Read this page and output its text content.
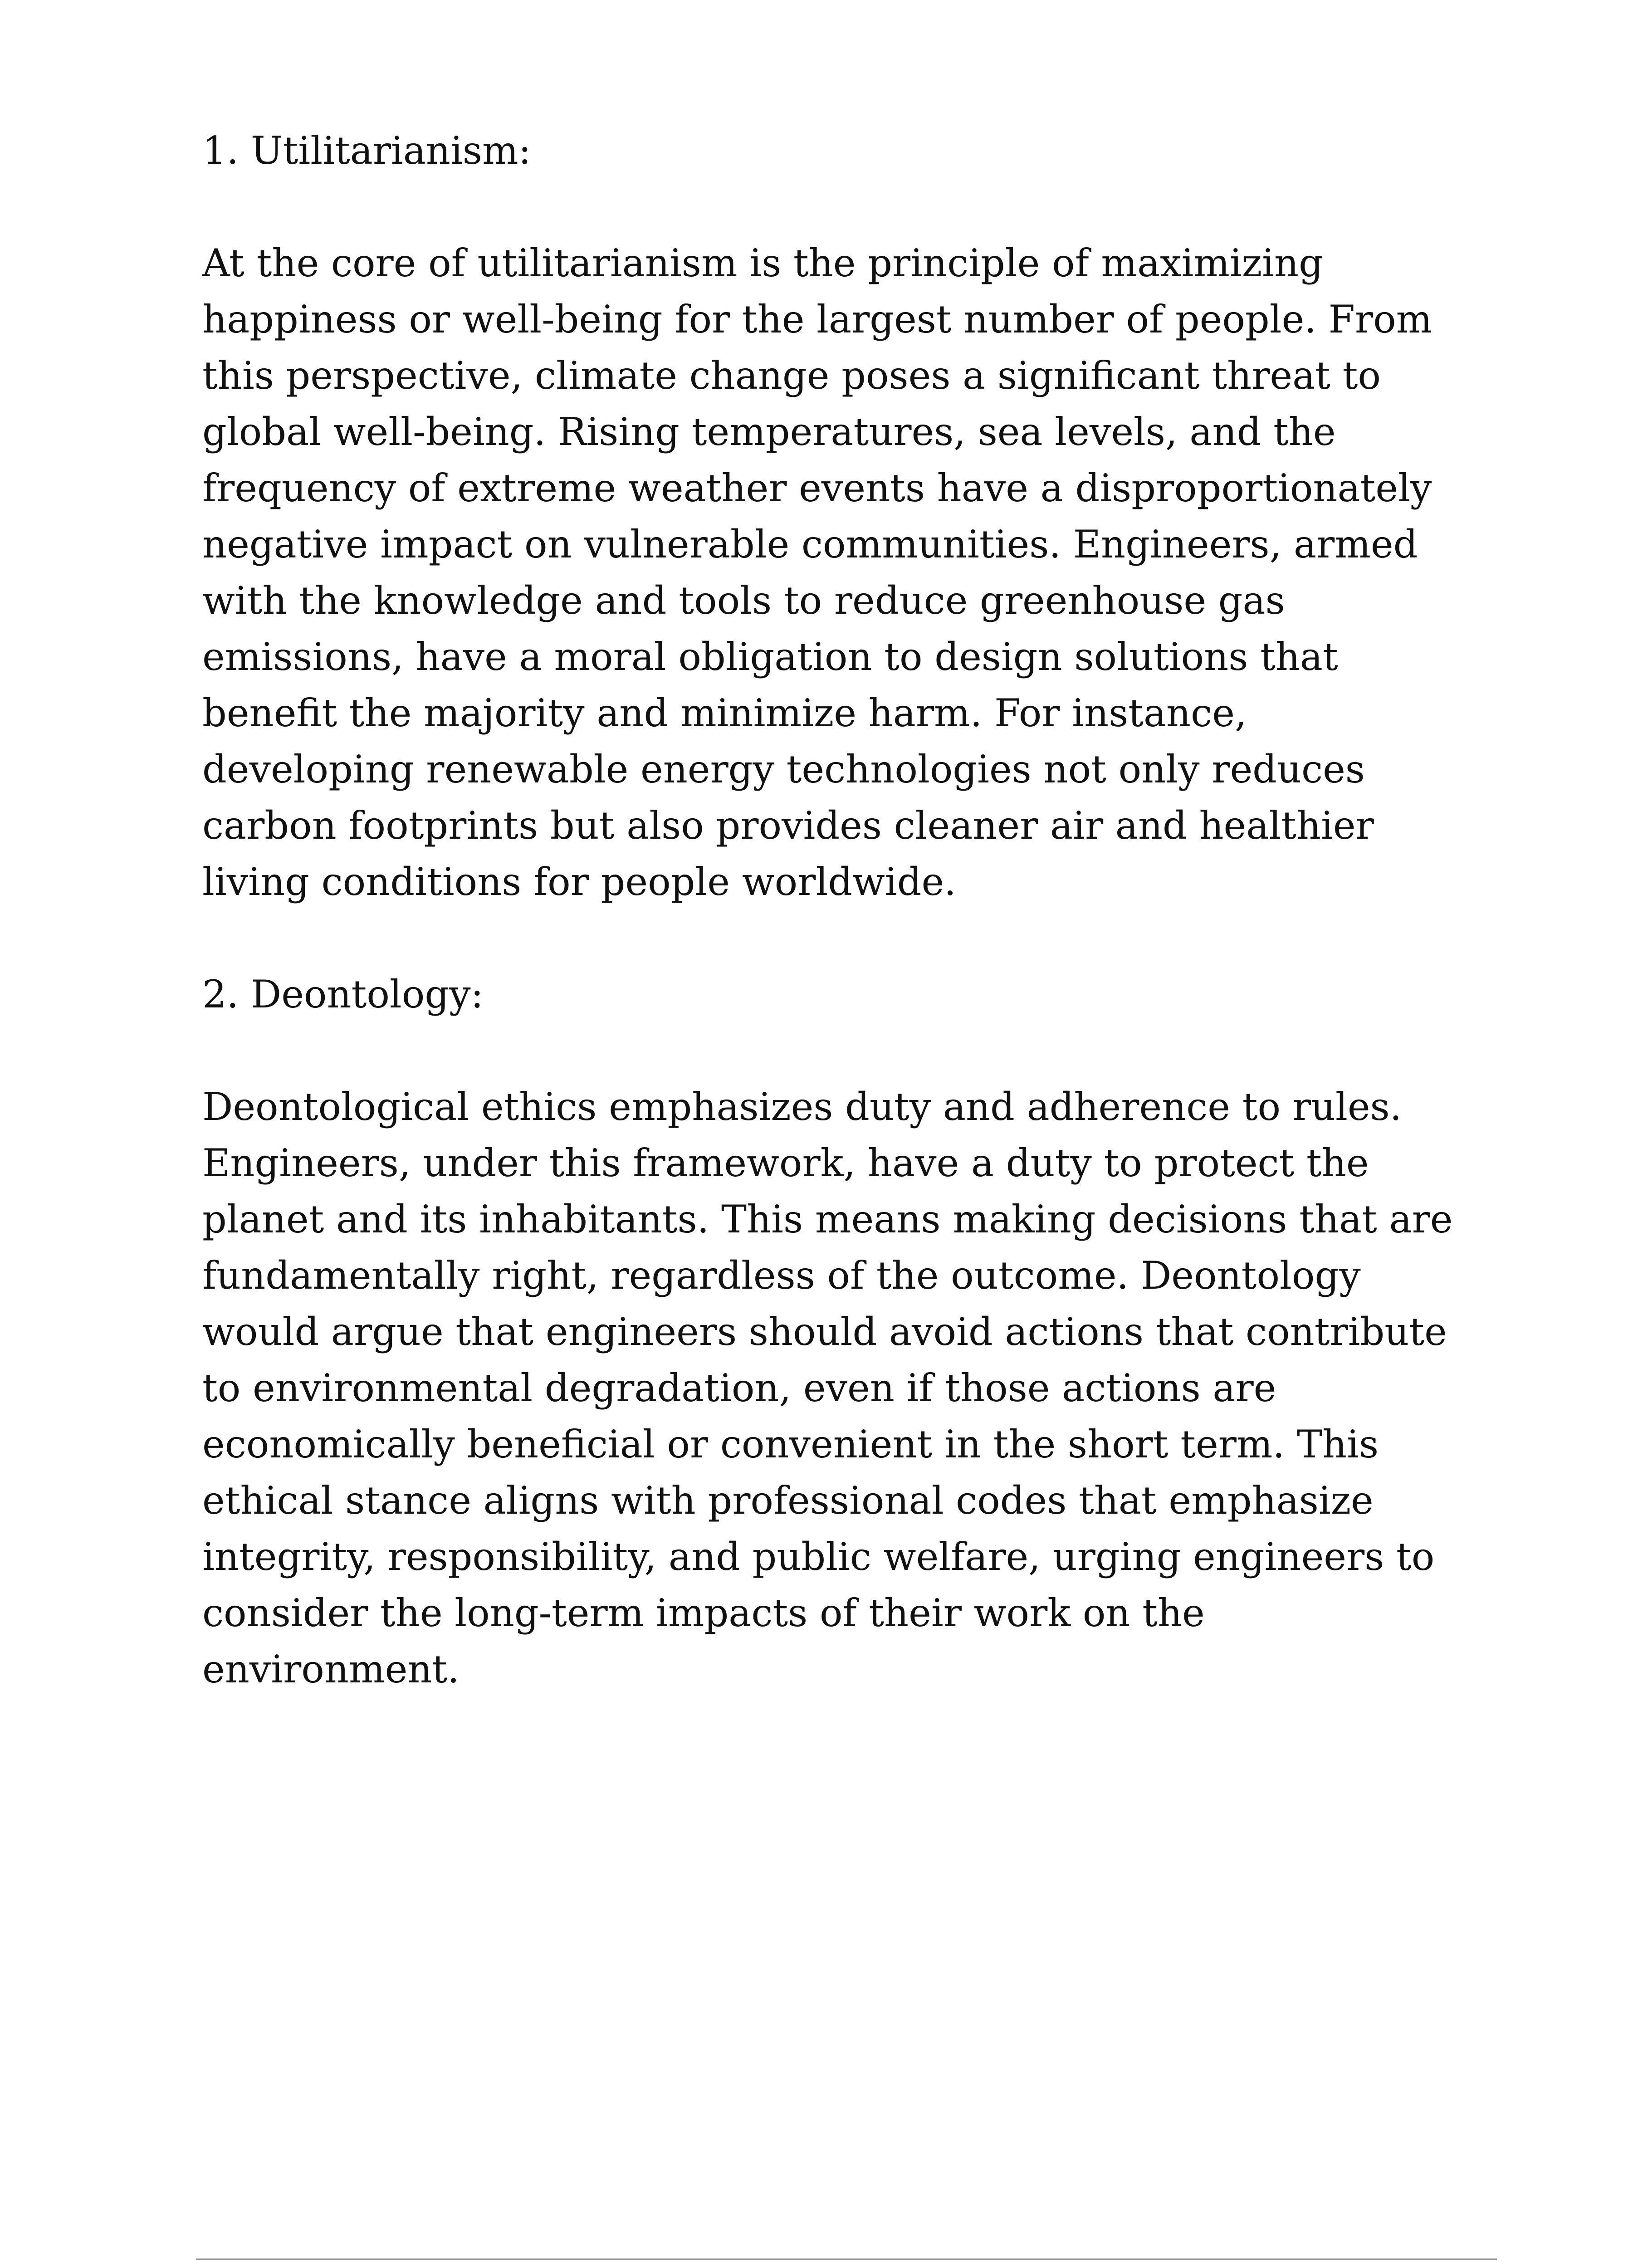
1. Utilitarianism:

At the core of utilitarianism is the principle of maximizing
happiness or well-being for the largest number of people. From
this perspective, climate change poses a significant threat to
global well-being. Rising temperatures, sea levels, and the
frequency of extreme weather events have a disproportionately
negative impact on vulnerable communities. Engineers, armed
with the knowledge and tools to reduce greenhouse gas
emissions, have a moral obligation to design solutions that
benefit the majority and minimize harm. For instance,
developing renewable energy technologies not only reduces
carbon footprints but also provides cleaner air and healthier
living conditions for people worldwide.

2. Deontology:

Deontological ethics emphasizes duty and adherence to rules.
Engineers, under this framework, have a duty to protect the
planet and its inhabitants. This means making decisions that are
fundamentally right, regardless of the outcome. Deontology
would argue that engineers should avoid actions that contribute
to environmental degradation, even if those actions are
economically beneficial or convenient in the short term. This
ethical stance aligns with professional codes that emphasize
integrity, responsibility, and public welfare, urging engineers to
consider the long-term impacts of their work on the
environment.
